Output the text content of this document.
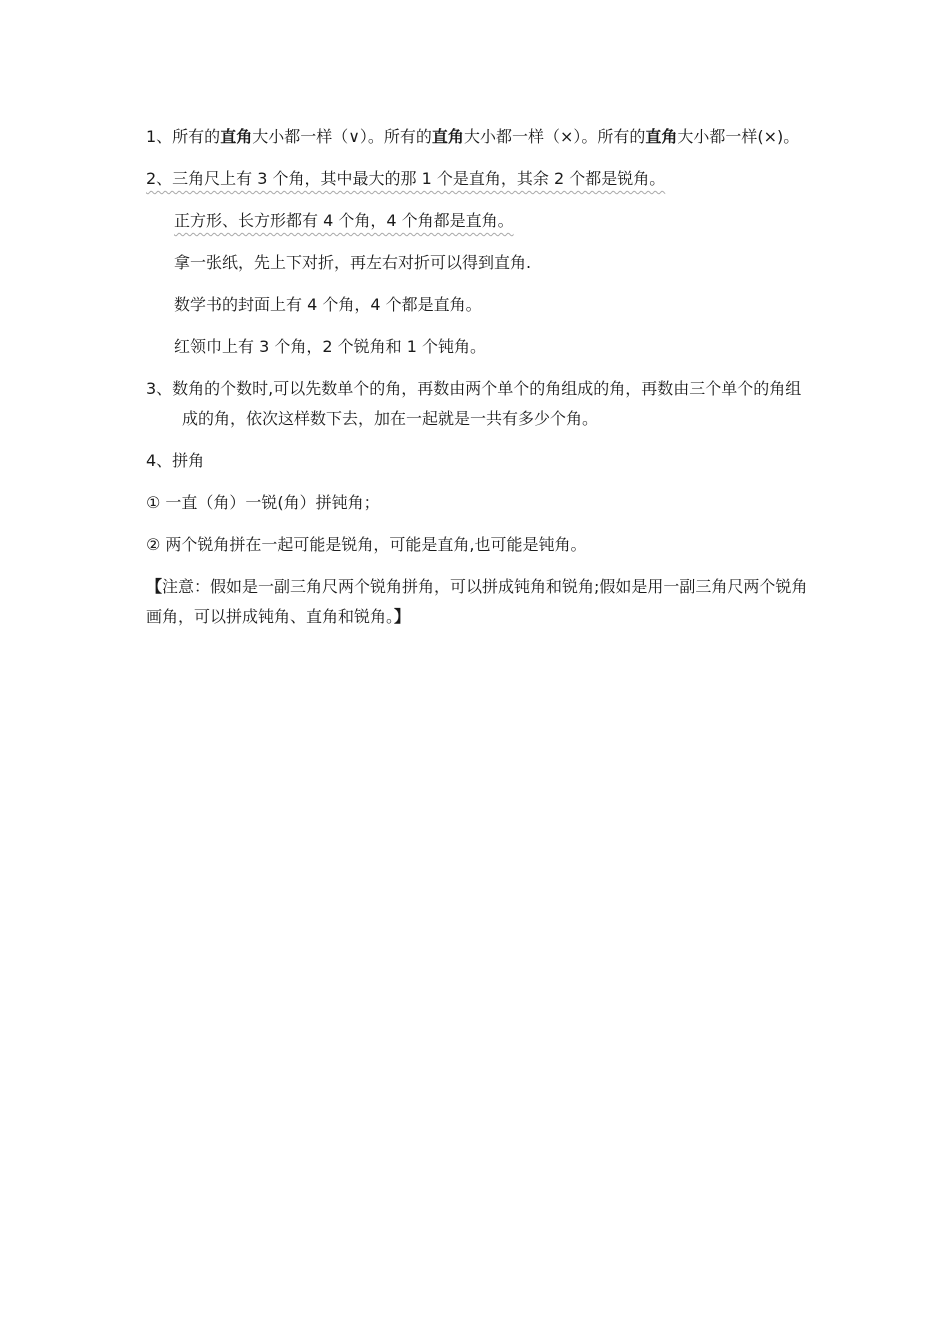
1、所有的直角大小都一样（∨）。所有的直角大小都一样（×）。所有的直角大小都一样(×)。

2、三角尺上有 3 个角，其中最大的那 1 个是直角，其余 2 个都是锐角。

正方形、长方形都有 4 个角，4 个角都是直角。

拿一张纸，先上下对折，再左右对折可以得到直角.

数学书的封面上有 4 个角，4 个都是直角。

红领巾上有 3 个角，2 个锐角和 1 个钝角。

3、数角的个数时,可以先数单个的角，再数由两个单个的角组成的角，再数由三个单个的角组成的角，依次这样数下去，加在一起就是一共有多少个角。

4、拼角

① 一直（角）一锐(角）拼钝角；

② 两个锐角拼在一起可能是锐角，可能是直角,也可能是钝角。

【注意：假如是一副三角尺两个锐角拼角，可以拼成钝角和锐角;假如是用一副三角尺两个锐角画角，可以拼成钝角、直角和锐角。】
